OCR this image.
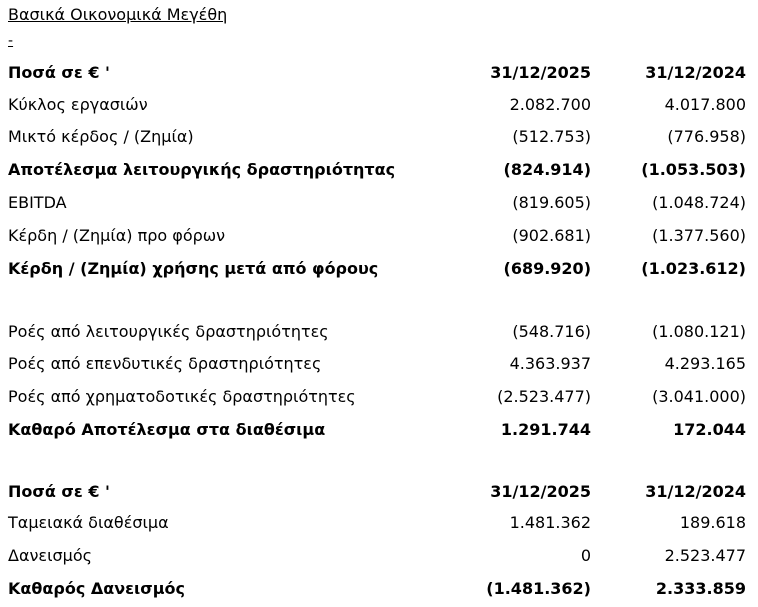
Βασικά Οικονομικά Μεγέθη
-
Ποσά σε € '	31/12/2025	31/12/2024
Κύκλος εργασιών	2.082.700	4.017.800
Μικτό κέρδος / (Ζημία)	(512.753)	(776.958)
Αποτέλεσμα λειτουργικής δραστηριότητας	(824.914)	(1.053.503)
EBITDA	(819.605)	(1.048.724)
Κέρδη / (Ζημία) προ φόρων	(902.681)	(1.377.560)
Κέρδη / (Ζημία) χρήσης μετά από φόρους	(689.920)	(1.023.612)
Ροές από λειτουργικές δραστηριότητες	(548.716)	(1.080.121)
Ροές από επενδυτικές δραστηριότητες	4.363.937	4.293.165
Ροές από χρηματοδοτικές δραστηριότητες	(2.523.477)	(3.041.000)
Καθαρό Αποτέλεσμα στα διαθέσιμα	1.291.744	172.044
Ποσά σε € '	31/12/2025	31/12/2024
Ταμειακά διαθέσιμα	1.481.362	189.618
Δανεισμός	0	2.523.477
Καθαρός Δανεισμός	(1.481.362)	2.333.859
